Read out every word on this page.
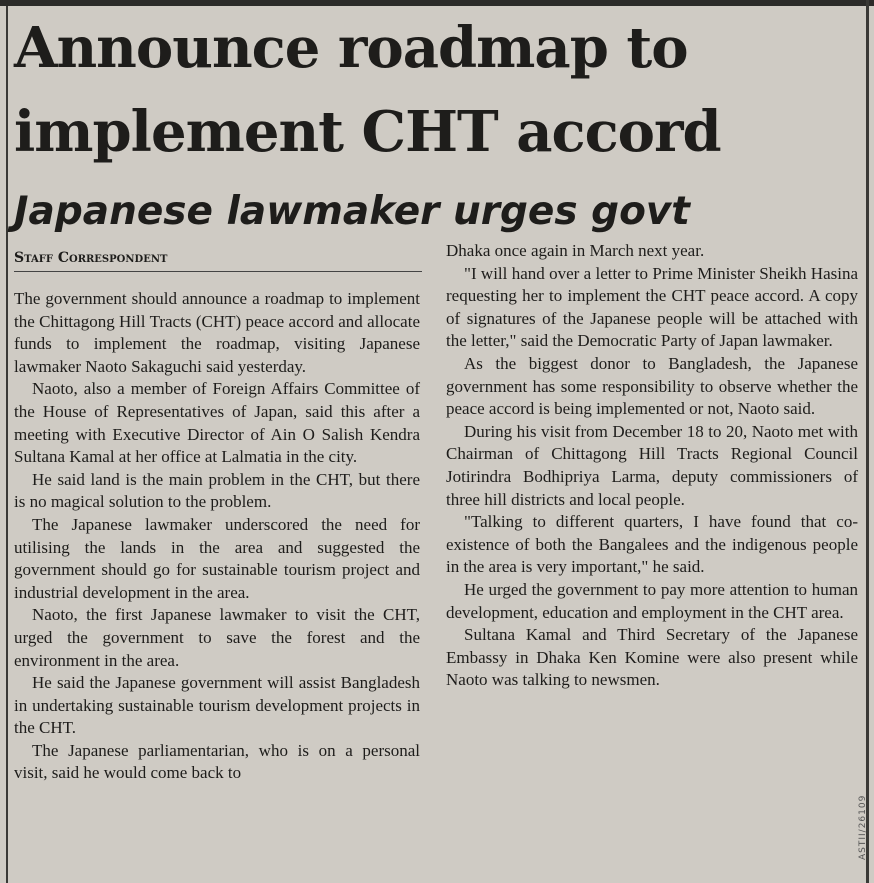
Announce roadmap to implement CHT accord
Japanese lawmaker urges govt
Staff Correspondent

The government should announce a roadmap to implement the Chittagong Hill Tracts (CHT) peace accord and allocate funds to implement the roadmap, visiting Japanese lawmaker Naoto Sakaguchi said yesterday.

Naoto, also a member of Foreign Affairs Committee of the House of Representatives of Japan, said this after a meeting with Executive Director of Ain O Salish Kendra Sultana Kamal at her office at Lalmatia in the city.

He said land is the main problem in the CHT, but there is no magical solution to the problem.

The Japanese lawmaker underscored the need for utilising the lands in the area and suggested the government should go for sustainable tourism project and industrial development in the area.

Naoto, the first Japanese lawmaker to visit the CHT, urged the government to save the forest and the environment in the area.

He said the Japanese government will assist Bangladesh in undertaking sustainable tourism development projects in the CHT.

The Japanese parliamentarian, who is on a personal visit, said he would come back to

Dhaka once again in March next year.

"I will hand over a letter to Prime Minister Sheikh Hasina requesting her to implement the CHT peace accord. A copy of signatures of the Japanese people will be attached with the letter," said the Democratic Party of Japan lawmaker.

As the biggest donor to Bangladesh, the Japanese government has some responsibility to observe whether the peace accord is being implemented or not, Naoto said.

During his visit from December 18 to 20, Naoto met with Chairman of Chittagong Hill Tracts Regional Council Jotirindra Bodhipriya Larma, deputy commissioners of three hill districts and local people.

"Talking to different quarters, I have found that co-existence of both the Bangalees and the indigenous people in the area is very important," he said.

He urged the government to pay more attention to human development, education and employment in the CHT area.

Sultana Kamal and Third Secretary of the Japanese Embassy in Dhaka Ken Komine were also present while Naoto was talking to newsmen.

ASTII/26109
